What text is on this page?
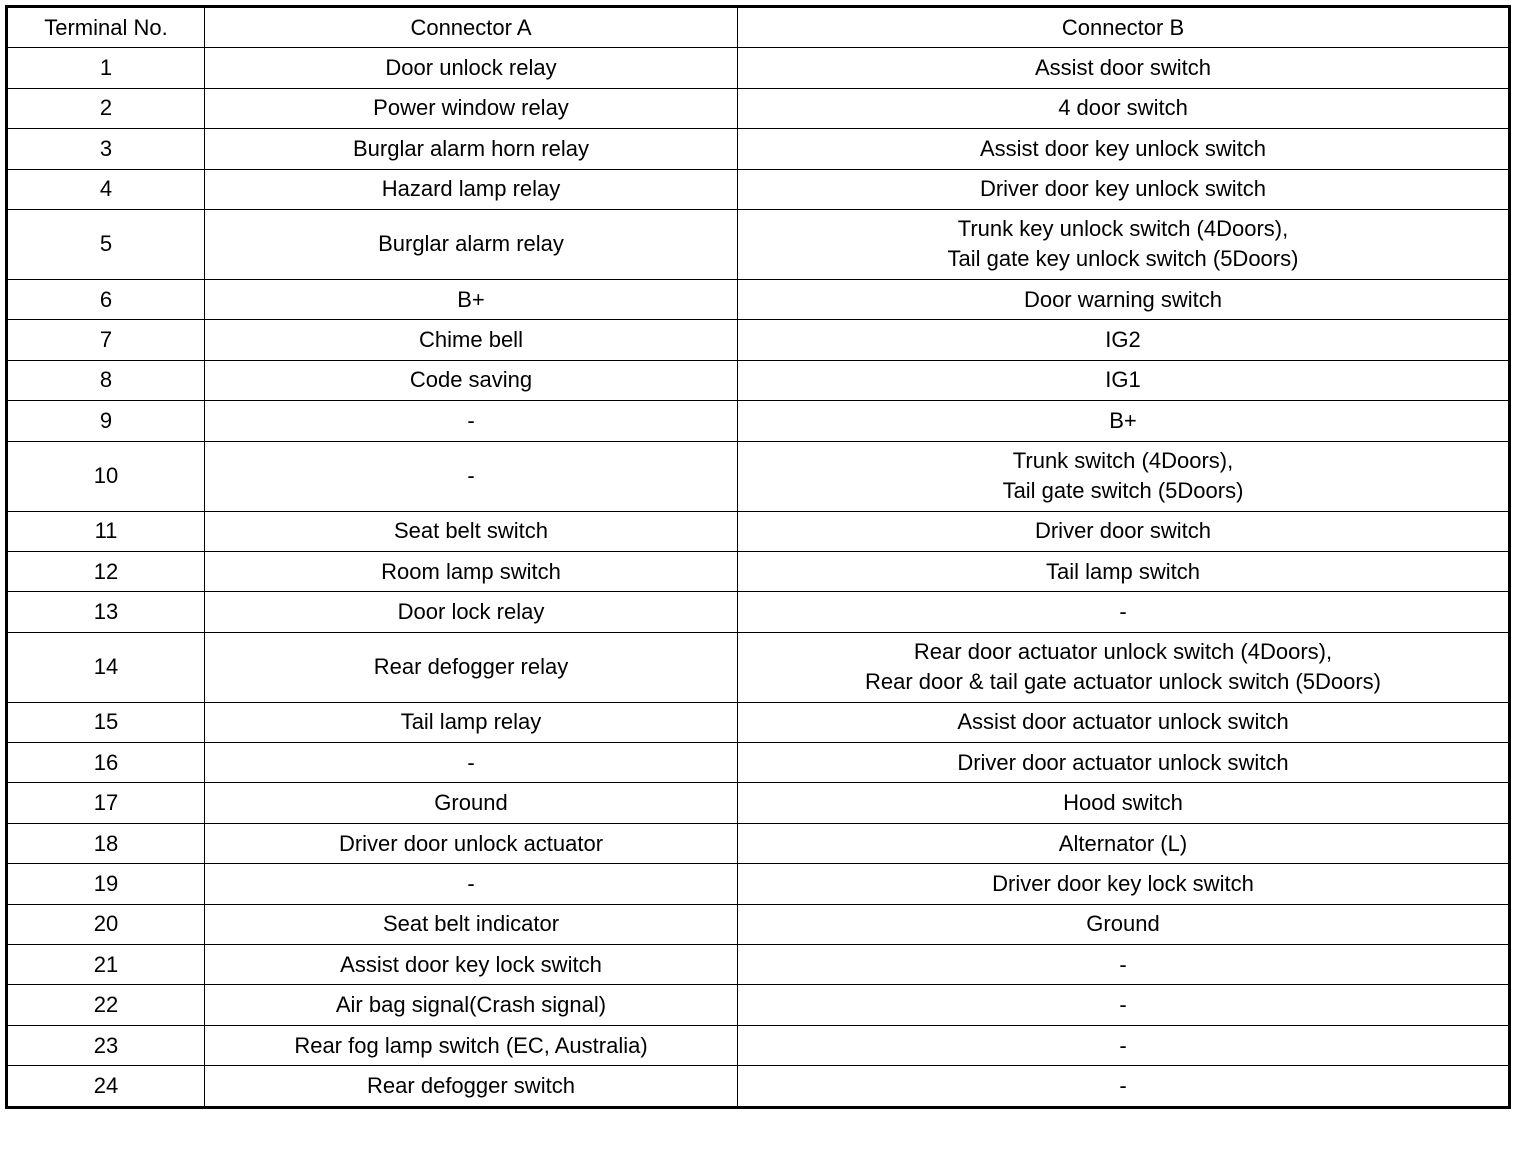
Terminal No.	Connector A	Connector B
1	Door unlock relay	Assist door switch

2	Power window relay	4 door switch

3	Burglar alarm horn relay	Assist door key unlock switch

4	Hazard lamp relay	Driver door key unlock switch

5	Burglar alarm relay	Trunk key unlock switch (4Doors),
Tail gate key unlock switch (5Doors)

6	B+	Door warning switch

7	Chime bell	IG2

8	Code saving	IG1

9	-	B+

10	-	Trunk switch (4Doors),
Tail gate switch (5Doors)

11	Seat belt switch	Driver door switch

12	Room lamp switch	Tail lamp switch

13	Door lock relay	-

14	Rear defogger relay	Rear door actuator unlock switch (4Doors),
Rear door & tail gate actuator unlock switch (5Doors)

15	Tail lamp relay	Assist door actuator unlock switch

16	-	Driver door actuator unlock switch

17	Ground	Hood switch

18	Driver door unlock actuator	Alternator (L)

19	-	Driver door key lock switch

20	Seat belt indicator	Ground

21	Assist door key lock switch	-

22	Air bag signal(Crash signal)	-

23	Rear fog lamp switch (EC, Australia)	-

24	Rear defogger switch	-
